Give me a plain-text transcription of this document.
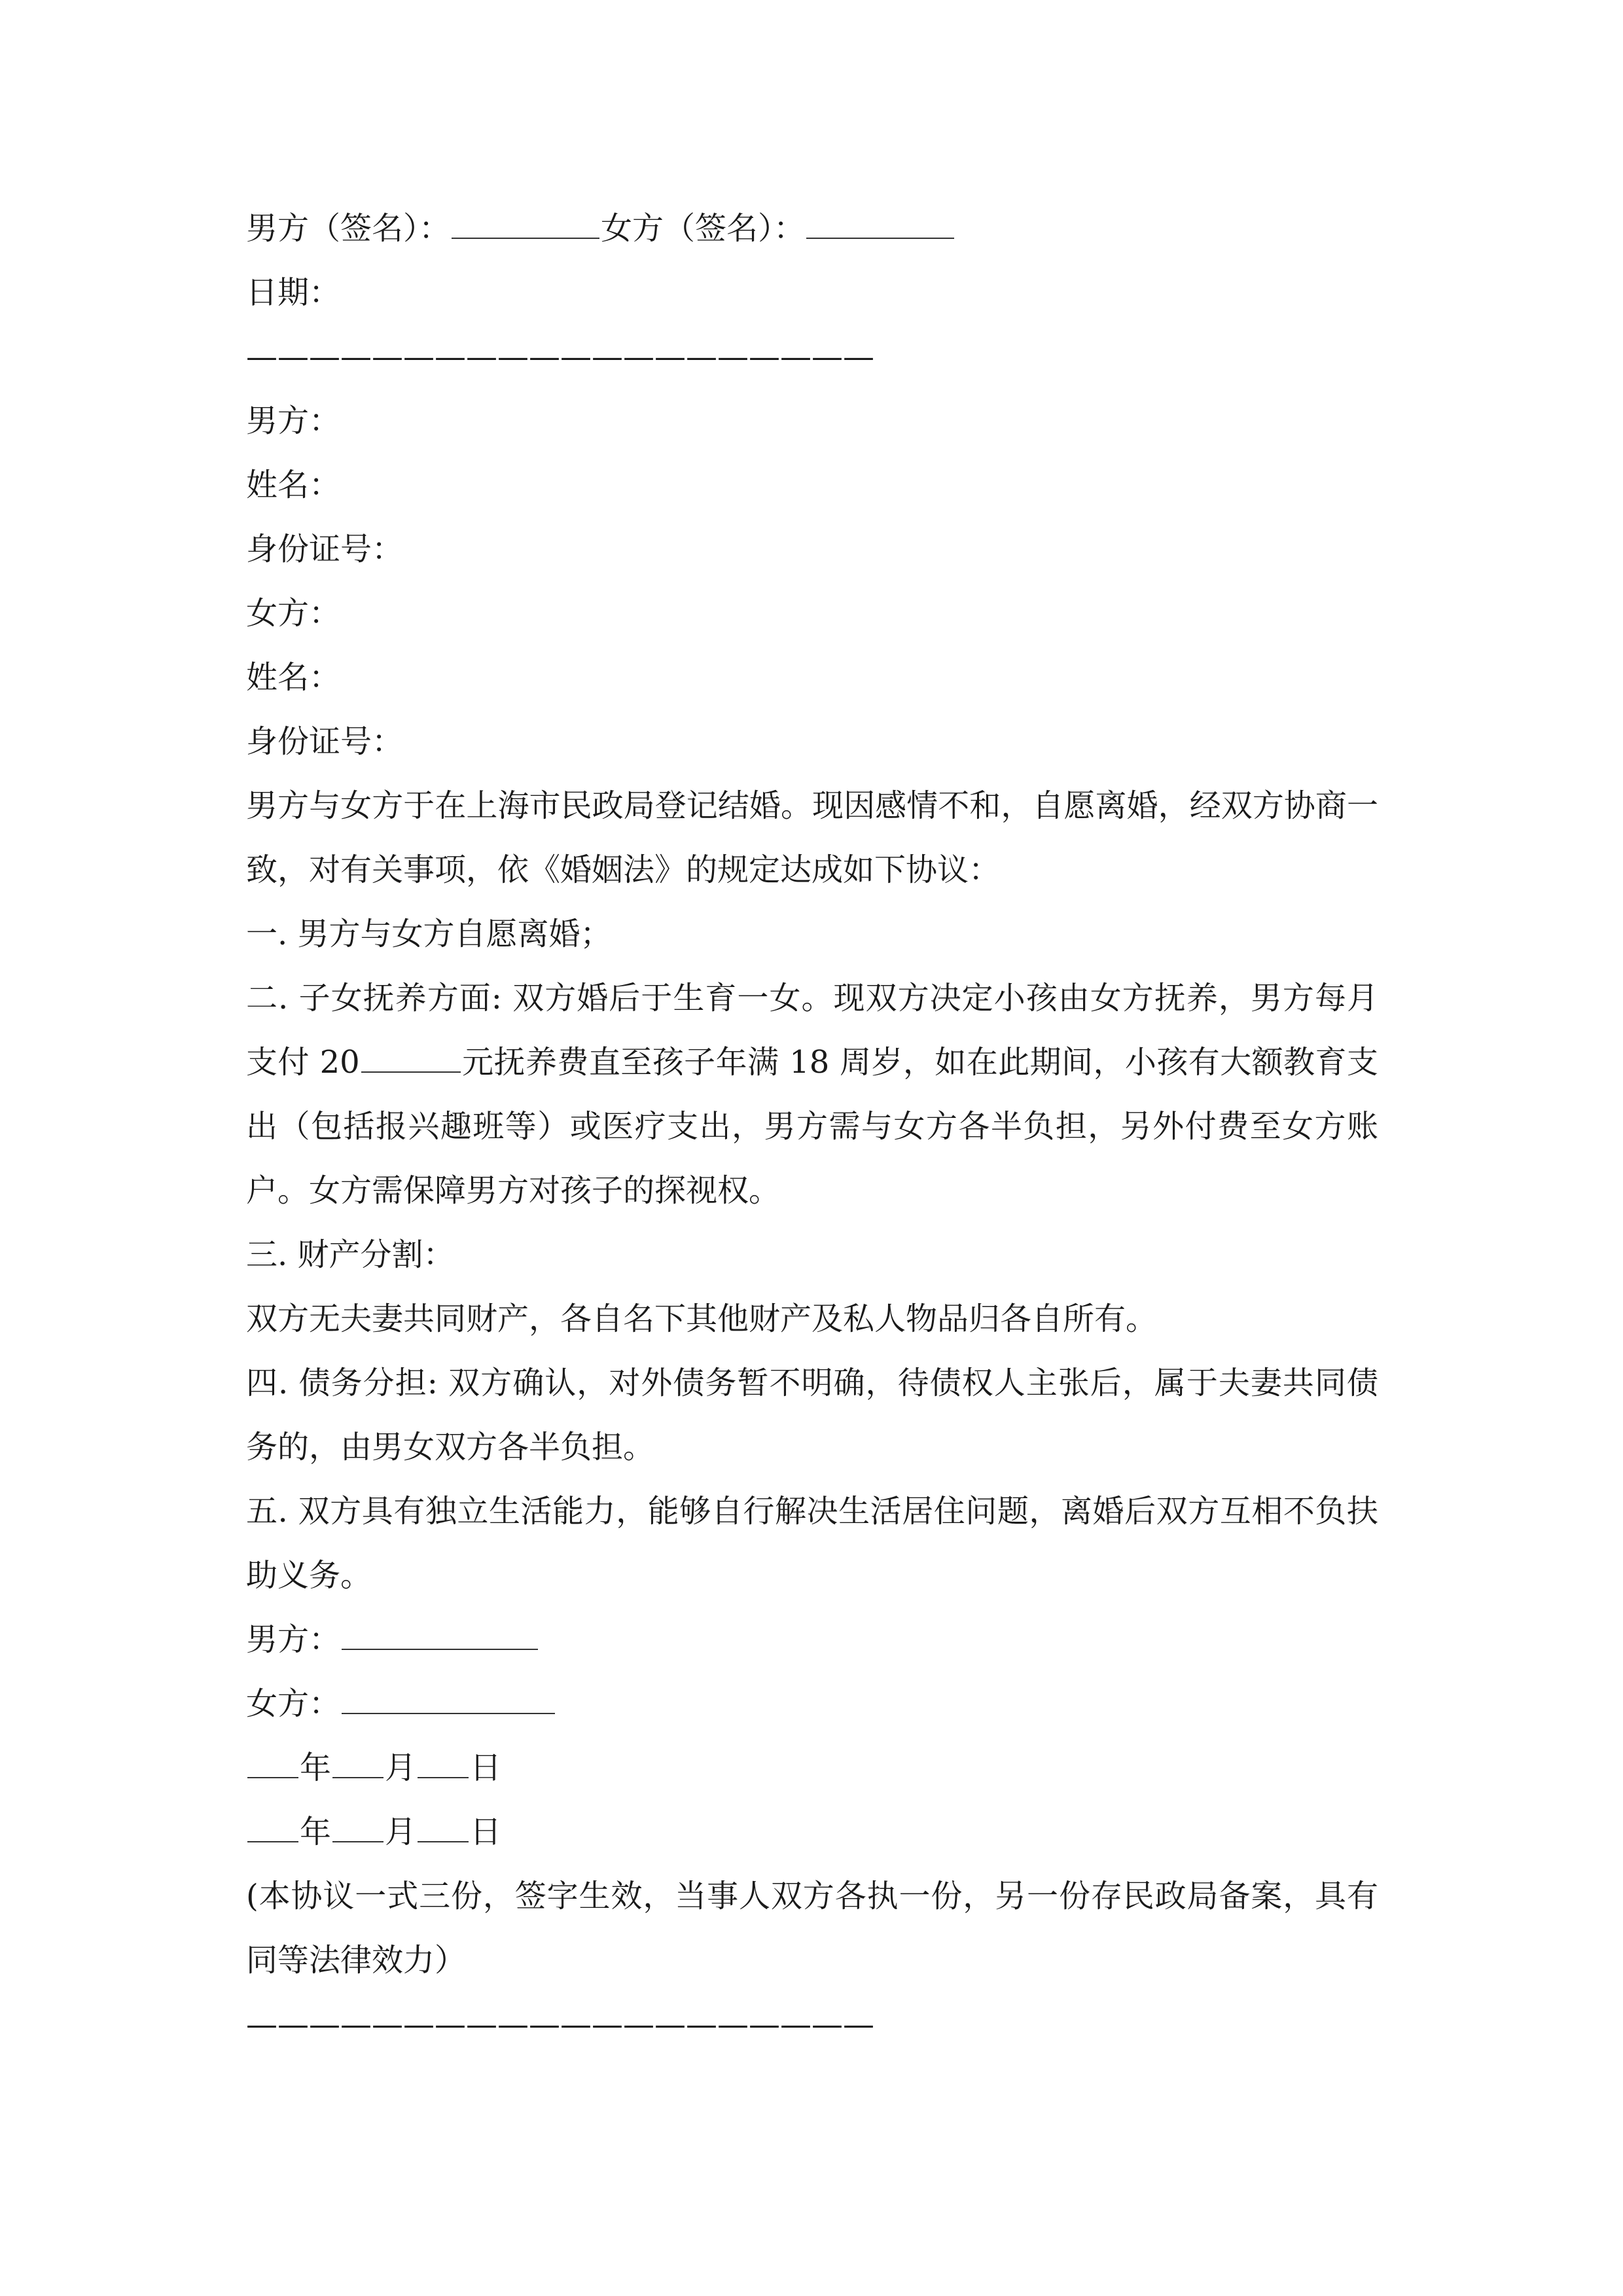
男方（签名）：	女方（签名）：
日期：
————————————————————
男方：
姓名：
身份证号：
女方：
姓名：
身份证号：
男方与女方于在上海市民政局登记结婚。现因感情不和，自愿离婚，经双方协商一致，对有关事项，依《婚姻法》的规定达成如下协议：
一. 男方与女方自愿离婚；
二. 子女抚养方面: 双方婚后于生育一女。现双方决定小孩由女方抚养，男方每月支付 20	元抚养费直至孩子年满 18 周岁，如在此期间，小孩有大额教育支出（包括报兴趣班等）或医疗支出，男方需与女方各半负担，另外付费至女方账户。女方需保障男方对孩子的探视权。
三. 财产分割：
双方无夫妻共同财产，各自名下其他财产及私人物品归各自所有。
四. 债务分担: 双方确认，对外债务暂不明确，待债权人主张后，属于夫妻共同债务的，由男女双方各半负担。
五. 双方具有独立生活能力，能够自行解决生活居住问题，离婚后双方互相不负扶助义务。
男方：
女方：
年 月 日
年 月 日
(本协议一式三份，签字生效，当事人双方各执一份，另一份存民政局备案，具有同等法律效力）
————————————————————
